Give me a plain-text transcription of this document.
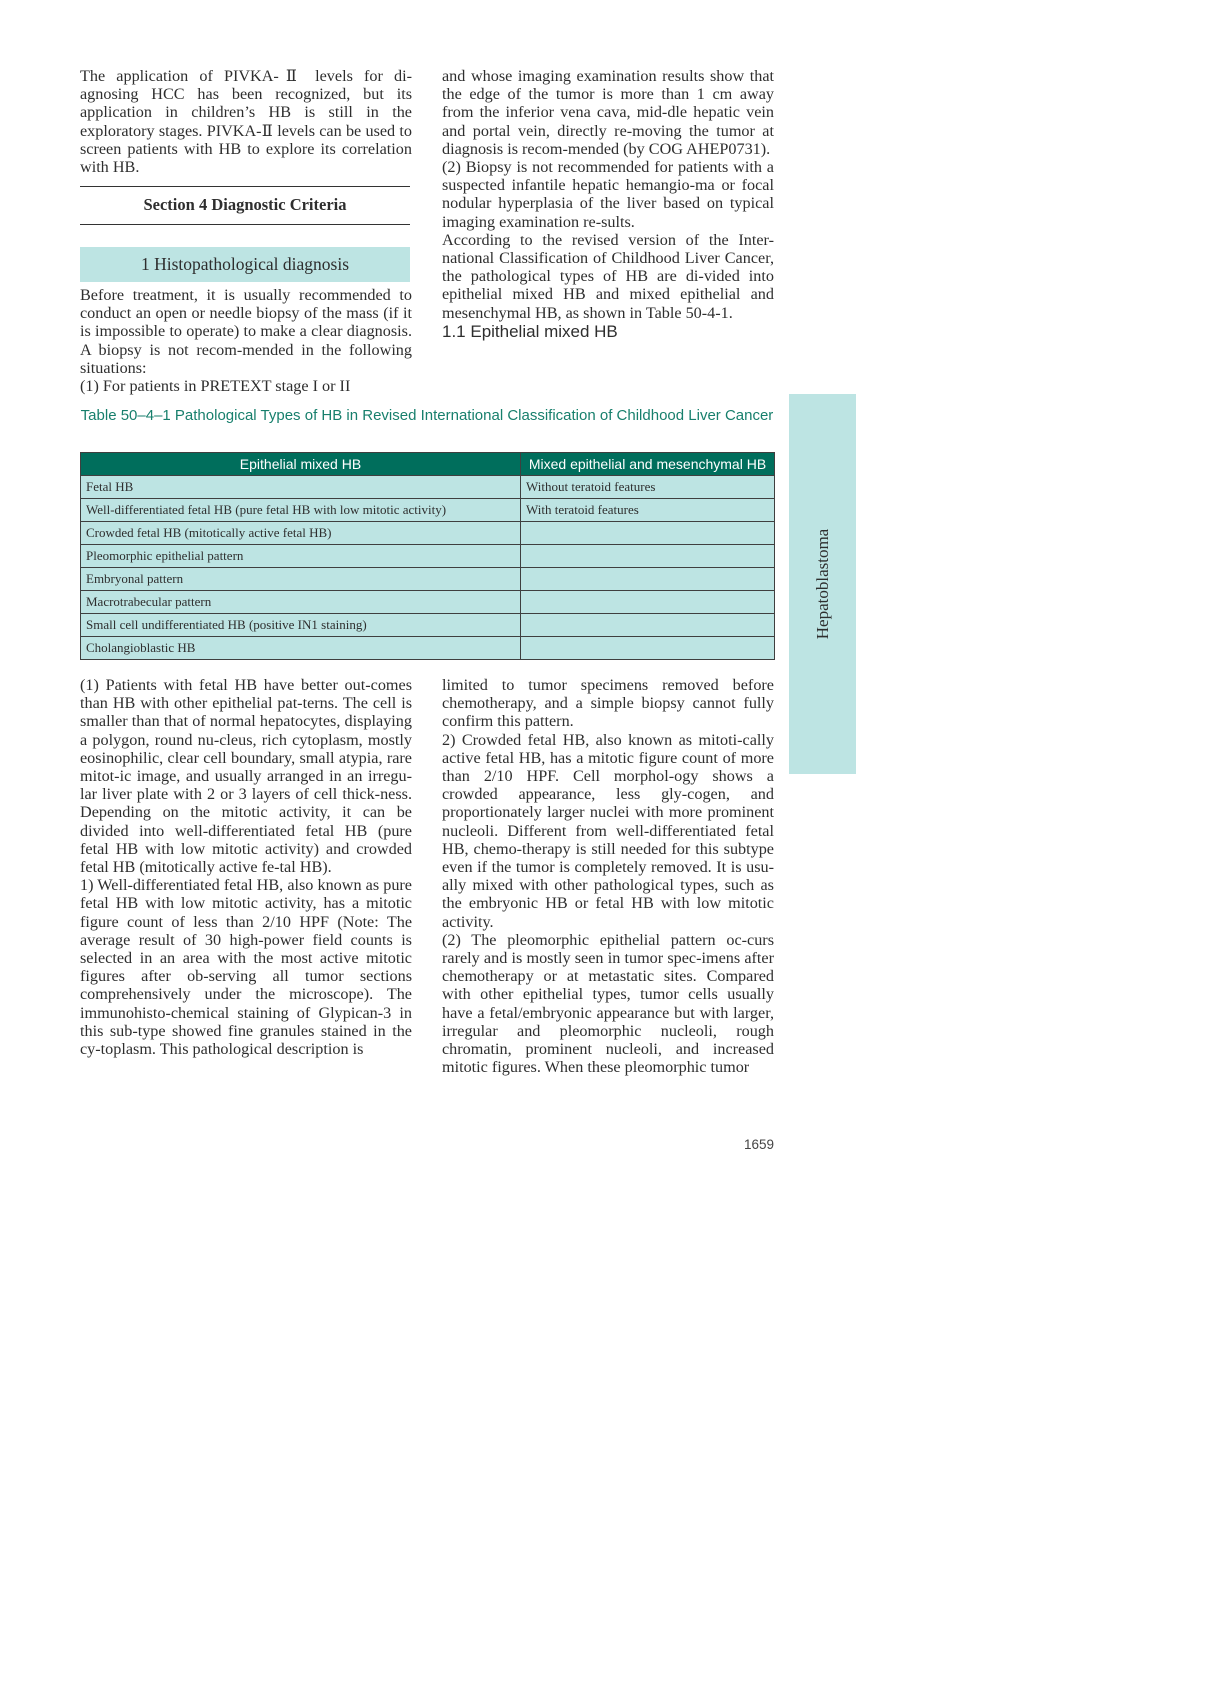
The application of PIVKA-Ⅱ levels for di-agnosing HCC has been recognized, but its application in children’s HB is still in the exploratory stages. PIVKA-Ⅱ levels can be used to screen patients with HB to explore its correlation with HB.

Section 4 Diagnostic Criteria
1 Histopathological diagnosis

Before treatment, it is usually recommended to conduct an open or needle biopsy of the mass (if it is impossible to operate) to make a clear diagnosis. A biopsy is not recom-mended in the following situations:

(1) For patients in PRETEXT stage I or II

and whose imaging examination results show that the edge of the tumor is more than 1 cm away from the inferior vena cava, mid-dle hepatic vein and portal vein, directly re-moving the tumor at diagnosis is recom-mended (by COG AHEP0731).

(2) Biopsy is not recommended for patients with a suspected infantile hepatic hemangio-ma or focal nodular hyperplasia of the liver based on typical imaging examination re-sults.

According to the revised version of the Inter-national Classification of Childhood Liver Cancer, the pathological types of HB are di-vided into epithelial mixed HB and mixed epithelial and mesenchymal HB, as shown in Table 50-4-1.

1.1 Epithelial mixed HB

Table 50–4–1 Pathological Types of HB in Revised International Classification of Childhood Liver Cancer
Epithelial mixed HB	Mixed epithelial and mesenchymal HB
Fetal HB	Without teratoid features
Well-differentiated fetal HB (pure fetal HB with low mitotic activity)	With teratoid features
Crowded fetal HB (mitotically active fetal HB)	
Pleomorphic epithelial pattern	
Embryonal pattern	
Macrotrabecular pattern	
Small cell undifferentiated HB (positive IN1 staining)	
Cholangioblastic HB	

(1) Patients with fetal HB have better out-comes than HB with other epithelial pat-terns. The cell is smaller than that of normal hepatocytes, displaying a polygon, round nu-cleus, rich cytoplasm, mostly eosinophilic, clear cell boundary, small atypia, rare mitot-ic image, and usually arranged in an irregu-lar liver plate with 2 or 3 layers of cell thick-ness. Depending on the mitotic activity, it can be divided into well-differentiated fetal HB (pure fetal HB with low mitotic activity) and crowded fetal HB (mitotically active fe-tal HB).

1) Well-differentiated fetal HB, also known as pure fetal HB with low mitotic activity, has a mitotic figure count of less than 2/10 HPF (Note: The average result of 30 high-power field counts is selected in an area with the most active mitotic figures after ob-serving all tumor sections comprehensively under the microscope). The immunohisto-chemical staining of Glypican-3 in this sub-type showed fine granules stained in the cy-toplasm. This pathological description is

limited to tumor specimens removed before chemotherapy, and a simple biopsy cannot fully confirm this pattern.

2) Crowded fetal HB, also known as mitoti-cally active fetal HB, has a mitotic figure count of more than 2/10 HPF. Cell morphol-ogy shows a crowded appearance, less gly-cogen, and proportionately larger nuclei with more prominent nucleoli. Different from well-differentiated fetal HB, chemo-therapy is still needed for this subtype even if the tumor is completely removed. It is usu-ally mixed with other pathological types, such as the embryonic HB or fetal HB with low mitotic activity.

(2) The pleomorphic epithelial pattern oc-curs rarely and is mostly seen in tumor spec-imens after chemotherapy or at metastatic sites. Compared with other epithelial types, tumor cells usually have a fetal/embryonic appearance but with larger, irregular and pleomorphic nucleoli, rough chromatin, prominent nucleoli, and increased mitotic figures. When these pleomorphic tumor

Hepatoblastoma
1659
